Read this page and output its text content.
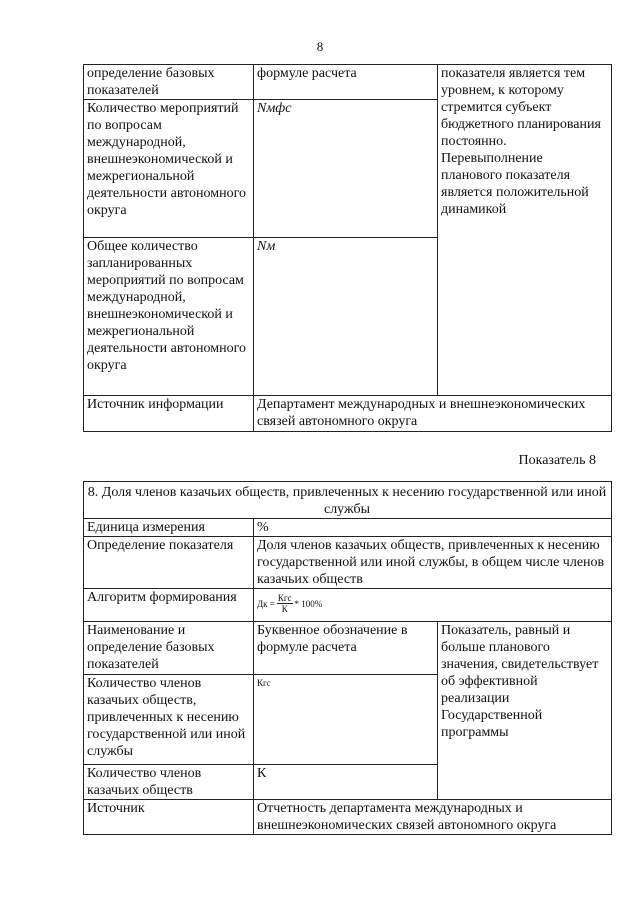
8
определение базовых показателей	формуле расчета	показателя является тем уровнем, к которому стремится субъект бюджетного планирования постоянно. Перевыполнение планового показателя является положительной динамикой
Количество мероприятий по вопросам международной, внешнеэкономической и межрегиональной деятельности автономного округа	Nмфс	
Общее количество запланированных мероприятий по вопросам международной, внешнеэкономической и межрегиональной деятельности автономного округа	Nм	
Источник информации	Департамент международных и внешнеэкономических связей автономного округа	
Показатель 8
8. Доля членов казачьих обществ, привлеченных к несению государственной или иной службы		
Единица измерения	%	
Определение показателя	Доля членов казачьих обществ, привлеченных к несению государственной или иной службы, в общем числе членов казачьих обществ	
Алгоритм формирования	Дк = $\frac{\text{Кгс}}{К} * 100\%$	

Наименование и определение базовых показателей	Буквенное обозначение в формуле расчета	Показатель, равный и больше планового значения, свидетельствует об эффективной реализации Государственной программы
Количество членов казачьих обществ, привлеченных к несению государственной или иной службы	Кгс	
Количество членов казачьих обществ	К	
Источник	Отчетность департамента международных и внешнеэкономических связей автономного округа	
